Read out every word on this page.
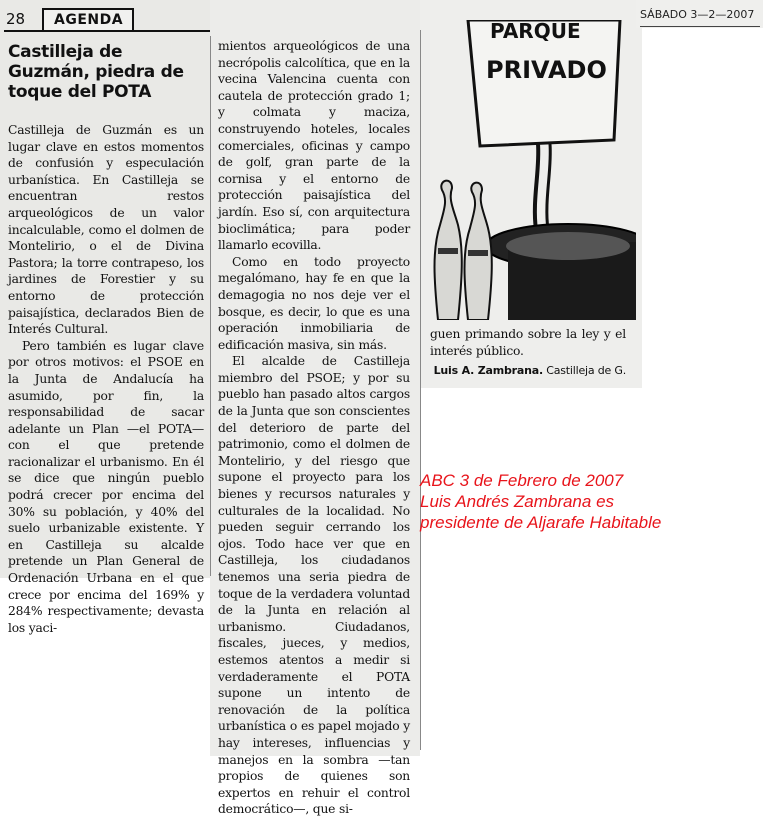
28	AGENDA	SÁBADO 3—2—2007
Castilleja de Guzmán, piedra de toque del POTA

Castilleja de Guzmán es un lugar clave en estos momentos de confusión y especulación urbanística. En Castilleja se encuentran restos arqueológicos de un valor incalculable, como el dolmen de Montelirio, o el de Divina Pastora; la torre contrapeso, los jardines de Forestier y su entorno de protección paisajística, declarados Bien de Interés Cultural.

Pero también es lugar clave por otros motivos: el PSOE en la Junta de Andalucía ha asumido, por fin, la responsabilidad de sacar adelante un Plan —el POTA— con el que pretende racionalizar el urbanismo. En él se dice que ningún pueblo podrá crecer por encima del 30% su población, y 40% del suelo urbanizable existente. Y en Castilleja su alcalde pretende un Plan General de Ordenación Urbana en el que crece por encima del 169% y 284% respectivamente; devasta los yaci-

mientos arqueológicos de una necrópolis calcolítica, que en la vecina Valencina cuenta con cautela de protección grado 1; y colmata y maciza, construyendo hoteles, locales comerciales, oficinas y campo de golf, gran parte de la cornisa y el entorno de protección paisajística del jardín. Eso sí, con arquitectura bioclimática; para poder llamarlo ecovilla.

Como en todo proyecto megalómano, hay fe en que la demagogia no nos deje ver el bosque, es decir, lo que es una operación inmobiliaria de edificación masiva, sin más.

El alcalde de Castilleja miembro del PSOE; y por su pueblo han pasado altos cargos de la Junta que son conscientes del deterioro de parte del patrimonio, como el dolmen de Montelirio, y del riesgo que supone el proyecto para los bienes y recursos naturales y culturales de la localidad. No pueden seguir cerrando los ojos. Todo hace ver que en Castilleja, los ciudadanos tenemos una seria piedra de toque de la verdadera voluntad de la Junta en relación al urbanismo. Ciudadanos, fiscales, jueces, y medios, estemos atentos a medir si verdaderamente el POTA supone un intento de renovación de la política urbanística o es papel mojado y hay intereses, influencias y manejos en la sombra —tan propios de quienes son expertos en rehuir el control democrático—, que si-

PARQUE
PRIVADO

guen primando sobre la ley y el interés público.

Luis A. Zambrana. Castilleja de G.
ABC 3 de Febrero de 2007
Luis Andrés Zambrana es
presidente de Aljarafe Habitable
